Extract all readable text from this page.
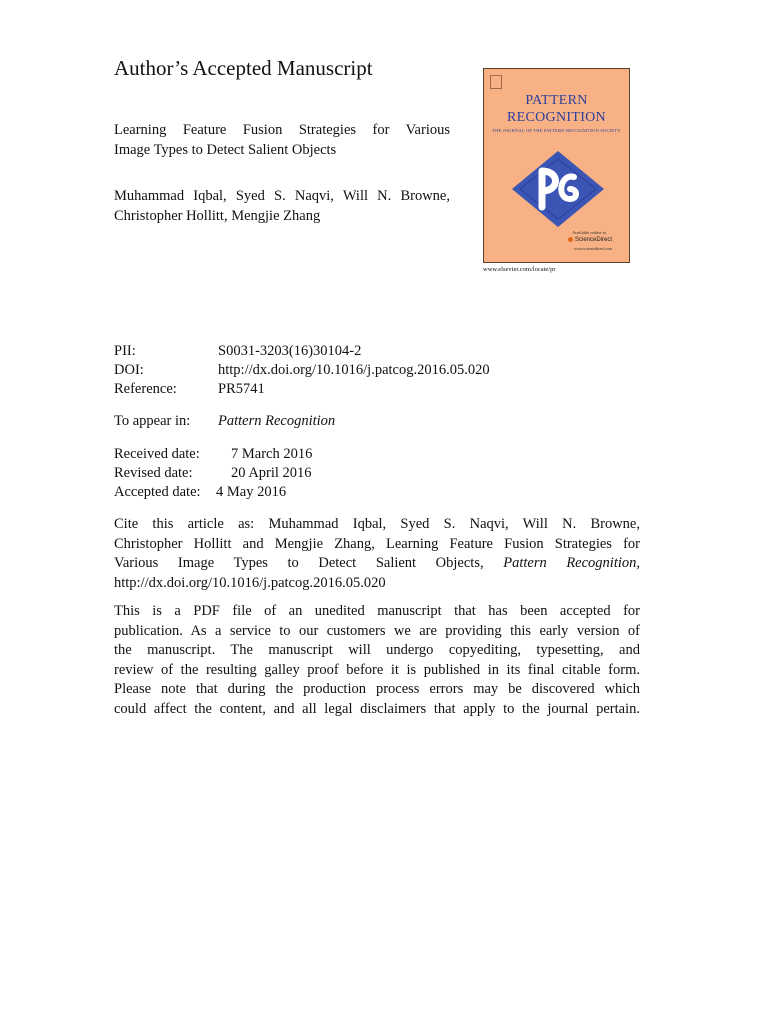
Author’s Accepted Manuscript
Learning Feature Fusion Strategies for Various
Image Types to Detect Salient Objects
Muhammad Iqbal, Syed S. Naqvi, Will N. Browne,
Christopher Hollitt, Mengjie Zhang
PATTERN
RECOGNITION
THE JOURNAL OF THE PATTERN RECOGNITION SOCIETY
Available online at
ScienceDirect
www.sciencedirect.com
www.elsevier.com/locate/pr
PII:	S0031-3203(16)30104-2
DOI:	http://dx.doi.org/10.1016/j.patcog.2016.05.020
Reference:	PR5741
To appear in: Pattern Recognition
Received date: 7 March 2016
Revised date:	20 April 2016
Accepted date: 4 May 2016
Cite this article as: Muhammad Iqbal, Syed S. Naqvi, Will N. Browne,
Christopher Hollitt and Mengjie Zhang, Learning Feature Fusion Strategies for
Various Image Types to Detect Salient Objects, Pattern Recognition,
http://dx.doi.org/10.1016/j.patcog.2016.05.020
This is a PDF file of an unedited manuscript that has been accepted for
publication. As a service to our customers we are providing this early version of
the manuscript. The manuscript will undergo copyediting, typesetting, and
review of the resulting galley proof before it is published in its final citable form.
Please note that during the production process errors may be discovered which
could affect the content, and all legal disclaimers that apply to the journal pertain.
